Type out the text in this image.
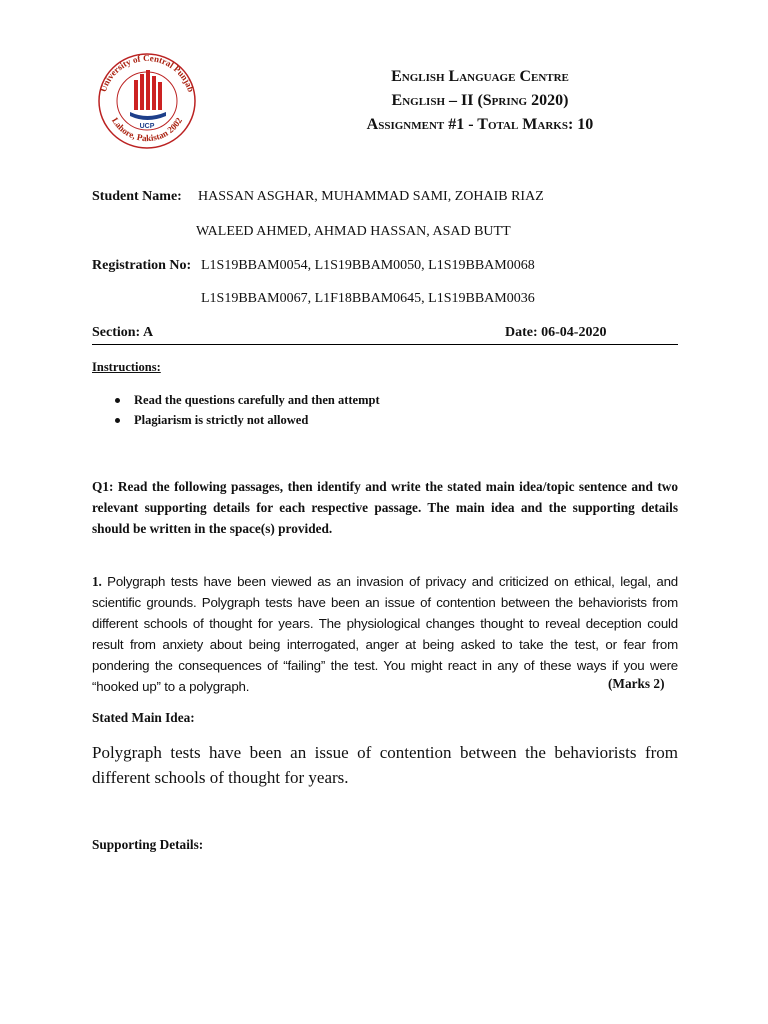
University of Central Punjab
Lahore, Pakistan 2002
UCP
English Language Centre
English – II (Spring 2020)
Assignment #1 - Total Marks: 10
Student Name: HASSAN ASGHAR, MUHAMMAD SAMI, ZOHAIB RIAZ
WALEED AHMED, AHMAD HASSAN, ASAD BUTT
Registration No: L1S19BBAM0054, L1S19BBAM0050, L1S19BBAM0068
L1S19BBAM0067, L1F18BBAM0645, L1S19BBAM0036
Section: A	Date: 06-04-2020
Instructions:
Read the questions carefully and then attempt
Plagiarism is strictly not allowed
Q1: Read the following passages, then identify and write the stated main idea/topic sentence and two relevant supporting details for each respective passage. The main idea and the supporting details should be written in the space(s) provided.
1. Polygraph tests have been viewed as an invasion of privacy and criticized on ethical, legal, and scientific grounds. Polygraph tests have been an issue of contention between the behaviorists from different schools of thought for years. The physiological changes thought to reveal deception could result from anxiety about being interrogated, anger at being asked to take the test, or fear from pondering the consequences of “failing” the test. You might react in any of these ways if you were “hooked up” to a polygraph.	(Marks 2)
Stated Main Idea:
Polygraph tests have been an issue of contention between the behaviorists from different schools of thought for years.
Supporting Details:
